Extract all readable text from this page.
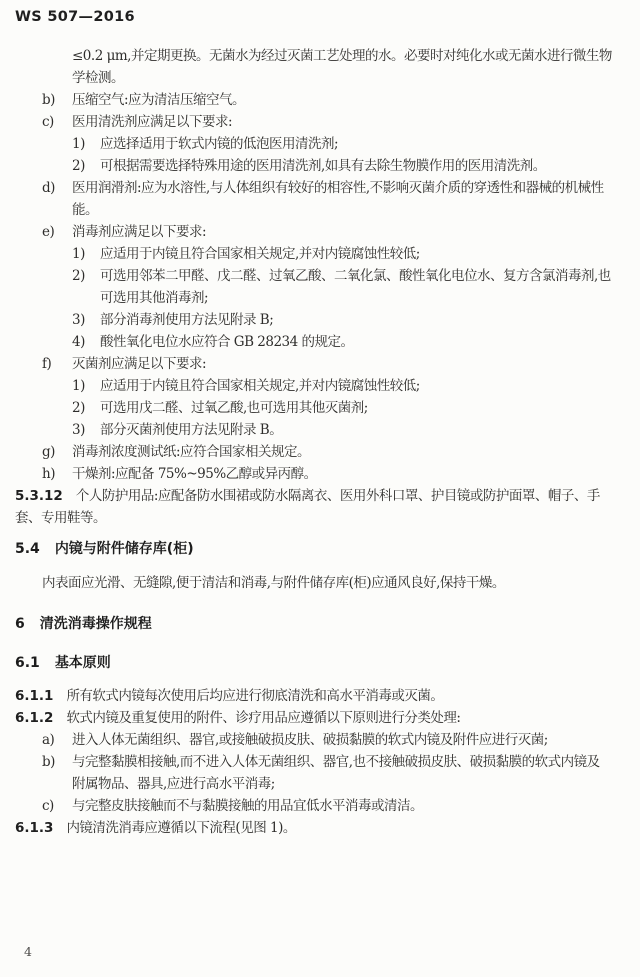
WS 507—2016

≤0.2 μm,并定期更换。无菌水为经过灭菌工艺处理的水。必要时对纯化水或无菌水进行微生物学检测。

b)	压缩空气:应为清洁压缩空气。
c)	医用清洗剂应满足以下要求:
1)	应选择适用于软式内镜的低泡医用清洗剂;
2)	可根据需要选择特殊用途的医用清洗剂,如具有去除生物膜作用的医用清洗剂。
d)	医用润滑剂:应为水溶性,与人体组织有较好的相容性,不影响灭菌介质的穿透性和器械的机械性能。
e)	消毒剂应满足以下要求:
1)	应适用于内镜且符合国家相关规定,并对内镜腐蚀性较低;
2)	可选用邻苯二甲醛、戊二醛、过氧乙酸、二氧化氯、酸性氧化电位水、复方含氯消毒剂,也可选用其他消毒剂;
3)	部分消毒剂使用方法见附录 B;
4)	酸性氧化电位水应符合 GB 28234 的规定。
f)	灭菌剂应满足以下要求:
1)	应适用于内镜且符合国家相关规定,并对内镜腐蚀性较低;
2)	可选用戊二醛、过氧乙酸,也可选用其他灭菌剂;
3)	部分灭菌剂使用方法见附录 B。
g)	消毒剂浓度测试纸:应符合国家相关规定。
h)	干燥剂:应配备 75%~95%乙醇或异丙醇。

5.3.12 个人防护用品:应配备防水围裙或防水隔离衣、医用外科口罩、护目镜或防护面罩、帽子、手套、专用鞋等。

5.4 内镜与附件储存库(柜)

内表面应光滑、无缝隙,便于清洁和消毒,与附件储存库(柜)应通风良好,保持干燥。

6 清洗消毒操作规程
6.1 基本原则

6.1.1 所有软式内镜每次使用后均应进行彻底清洗和高水平消毒或灭菌。

6.1.2 软式内镜及重复使用的附件、诊疗用品应遵循以下原则进行分类处理:

a)	进入人体无菌组织、器官,或接触破损皮肤、破损黏膜的软式内镜及附件应进行灭菌;
b)	与完整黏膜相接触,而不进入人体无菌组织、器官,也不接触破损皮肤、破损黏膜的软式内镜及附属物品、器具,应进行高水平消毒;
c)	与完整皮肤接触而不与黏膜接触的用品宜低水平消毒或清洁。

6.1.3 内镜清洗消毒应遵循以下流程(见图 1)。

4
